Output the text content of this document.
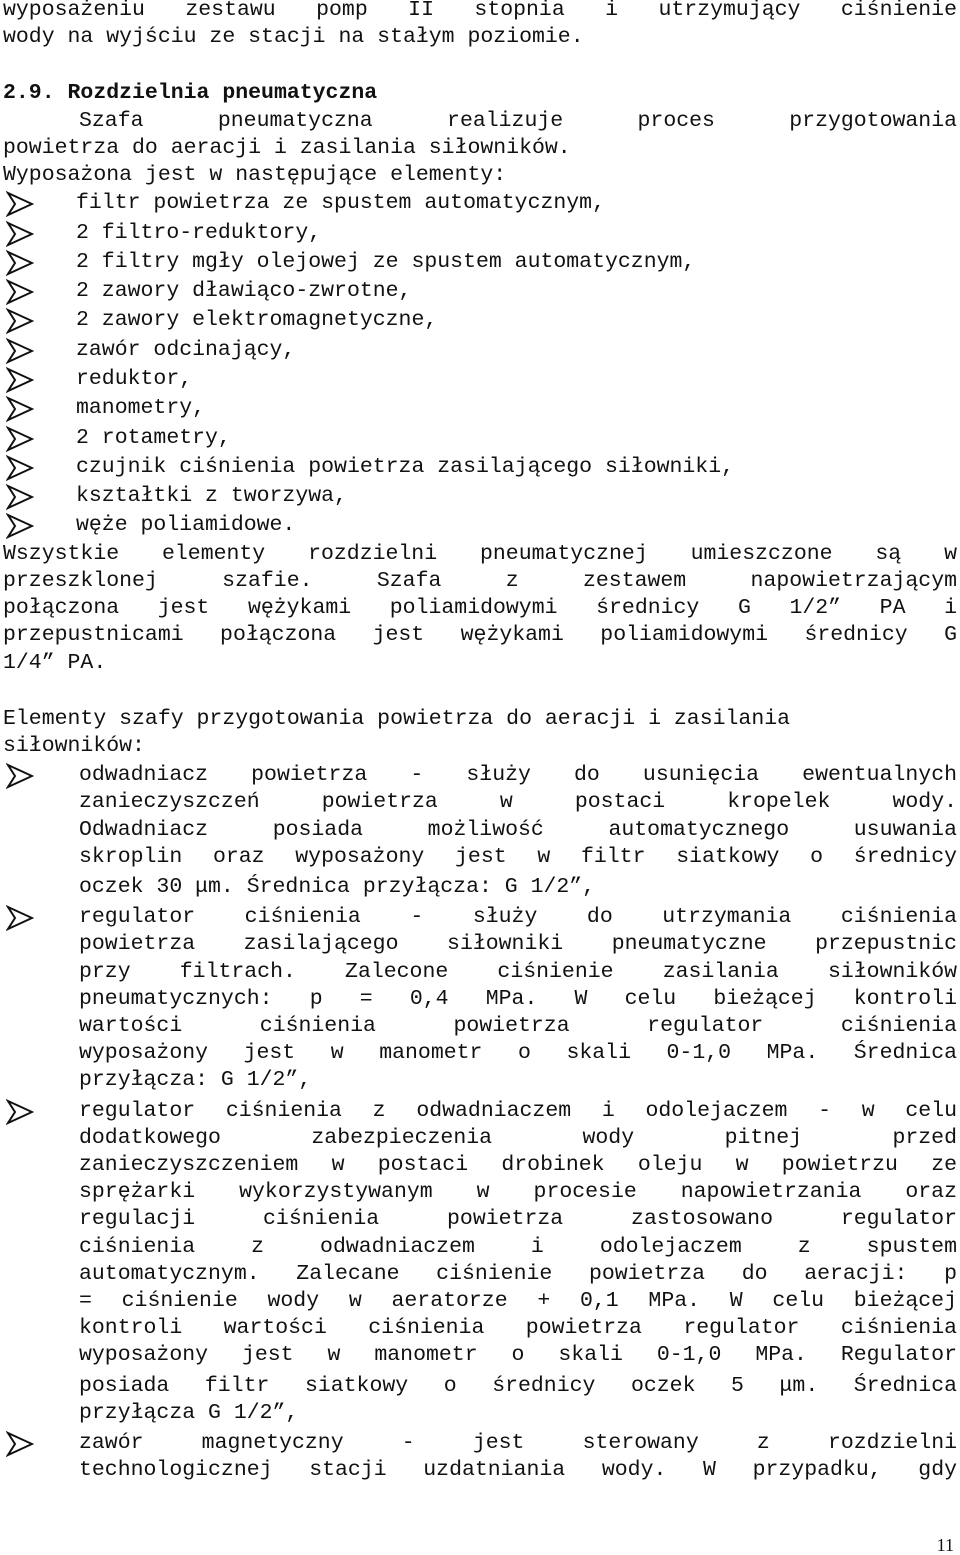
wyposażeniu zestawu pomp II stopnia i utrzymujący ciśnienie
wody na wyjściu ze stacji na stałym poziomie.
2.9. Rozdzielnia pneumatyczna
Szafa pneumatyczna realizuje proces przygotowania
powietrza do aeracji i zasilania siłowników.
Wyposażona jest w następujące elementy:
filtr powietrza ze spustem automatycznym,
2 filtro-reduktory,
2 filtry mgły olejowej ze spustem automatycznym,
2 zawory dławiąco-zwrotne,
2 zawory elektromagnetyczne,
zawór odcinający,
reduktor,
manometry,
2 rotametry,
czujnik ciśnienia powietrza zasilającego siłowniki,
kształtki z tworzywa,
węże poliamidowe.
Wszystkie elementy rozdzielni pneumatycznej umieszczone są w
przeszklonej szafie. Szafa z zestawem napowietrzającym
połączona jest wężykami poliamidowymi średnicy G 1/2” PA i
przepustnicami połączona jest wężykami poliamidowymi średnicy G
1/4” PA.
Elementy szafy przygotowania powietrza do aeracji i zasilania
siłowników:
odwadniacz powietrza - służy do usunięcia ewentualnych
zanieczyszczeń powietrza w postaci kropelek wody.
Odwadniacz posiada możliwość automatycznego usuwania
skroplin oraz wyposażony jest w filtr siatkowy o średnicy
oczek 30 μm. Średnica przyłącza: G 1/2”,
regulator ciśnienia - służy do utrzymania ciśnienia
powietrza zasilającego siłowniki pneumatyczne przepustnic
przy filtrach. Zalecone ciśnienie zasilania siłowników
pneumatycznych: p = 0,4 MPa. W celu bieżącej kontroli
wartości ciśnienia powietrza regulator ciśnienia
wyposażony jest w manometr o skali 0-1,0 MPa. Średnica
przyłącza: G 1/2”,
regulator ciśnienia z odwadniaczem i odolejaczem - w celu
dodatkowego zabezpieczenia wody pitnej przed
zanieczyszczeniem w postaci drobinek oleju w powietrzu ze
sprężarki wykorzystywanym w procesie napowietrzania oraz
regulacji ciśnienia powietrza zastosowano regulator
ciśnienia z odwadniaczem i odolejaczem z spustem
automatycznym. Zalecane ciśnienie powietrza do aeracji: p
= ciśnienie wody w aeratorze + 0,1 MPa. W celu bieżącej
kontroli wartości ciśnienia powietrza regulator ciśnienia
wyposażony jest w manometr o skali 0-1,0 MPa. Regulator
posiada filtr siatkowy o średnicy oczek 5 μm. Średnica
przyłącza G 1/2”,
zawór magnetyczny - jest sterowany z rozdzielni
technologicznej stacji uzdatniania wody. W przypadku, gdy
11
